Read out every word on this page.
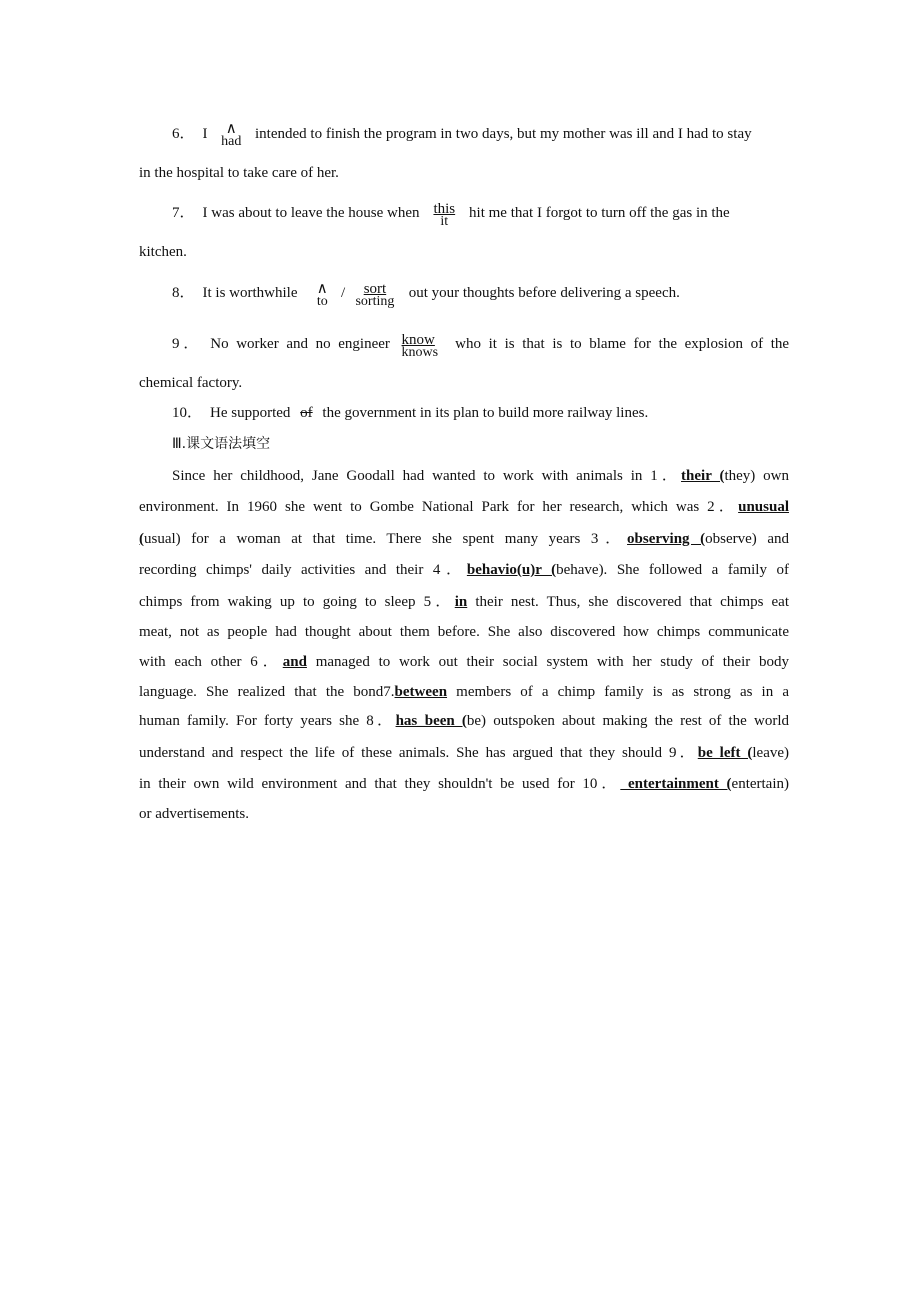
6． I	∧
had intended to finish the program in two days, but my mother was ill and I had to stay
in the hospital to take care of her.
7． I was about to leave the house when this
it
hit me that I forgot to turn off the gas in the
kitchen.
8． It is worthwhile	∧
to
/	sort
sorting
out your thoughts before delivering a speech.
9． No worker and no engineer know
knows
who it is that is to blame for the explosion of the
chemical factory.
10． He supported of the government in its plan to build more railway lines.
Ⅲ.课文语法填空
Since her childhood, Jane Goodall had wanted to work with animals in 1．their (they) own
environment. In 1960 she went to Gombe National Park for her research, which was 2．unusual
(usual) for a woman at that time. There she spent many years 3．observing (observe) and
recording chimps' daily activities and their 4．behavio(u)r (behave). She followed a family of
chimps from waking up to going to sleep 5．in their nest. Thus, she discovered that chimps eat
meat, not as people had thought about them before. She also discovered how chimps communicate
with each other 6．and managed to work out their social system with her study of their body
language. She realized that the bond7.between members of a chimp family is as strong as in a
human family. For forty years she 8．has_been (be) outspoken about making the rest of the world
understand and respect the life of these animals. She has argued that they should 9．be left (leave)
in their own wild environment and that they shouldn't be used for 10． entertainment (entertain)
or advertisements.
